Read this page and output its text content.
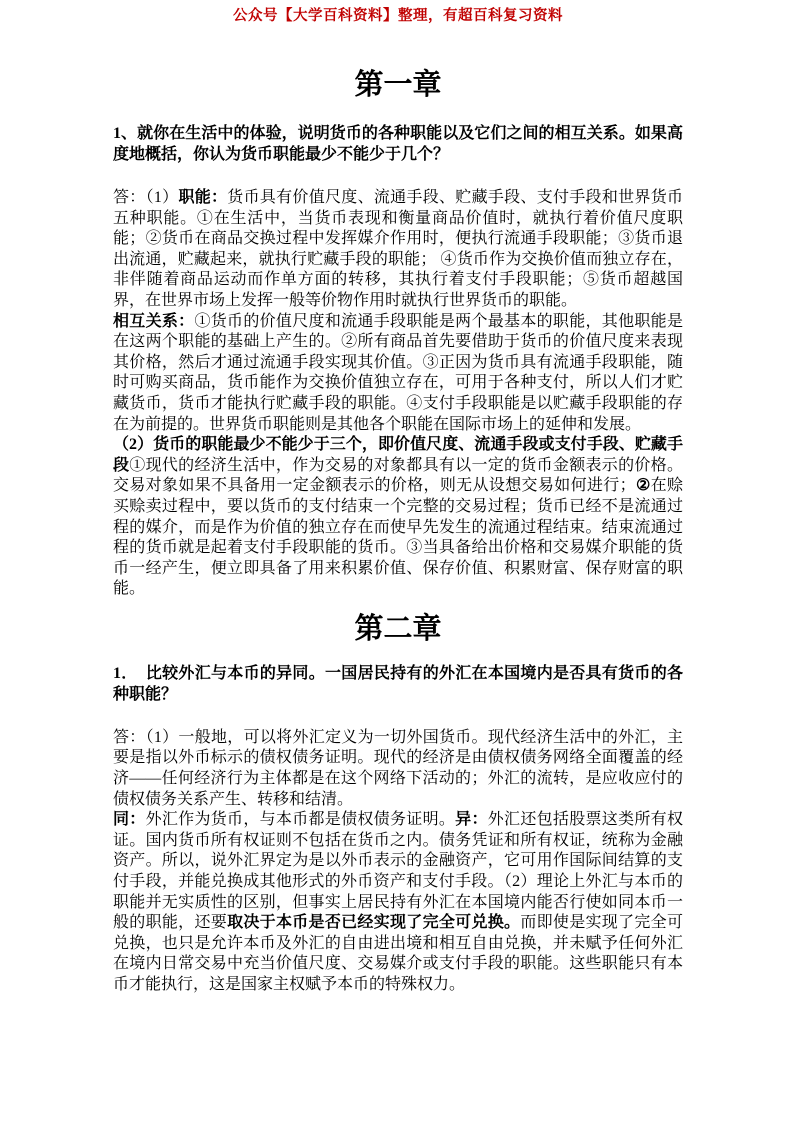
公众号【大学百科资料】整理，有超百科复习资料
第一章

1、就你在生活中的体验，说明货币的各种职能以及它们之间的相互关系。如果高度地概括，你认为货币职能最少不能少于几个？

答：（1）职能：货币具有价值尺度、流通手段、贮藏手段、支付手段和世界货币五种职能。①在生活中，当货币表现和衡量商品价值时，就执行着价值尺度职能；②货币在商品交换过程中发挥媒介作用时，便执行流通手段职能；③货币退出流通，贮藏起来，就执行贮藏手段的职能； ④货币作为交换价值而独立存在，非伴随着商品运动而作单方面的转移，其执行着支付手段职能；⑤货币超越国界，在世界市场上发挥一般等价物作用时就执行世界货币的职能。

相互关系：①货币的价值尺度和流通手段职能是两个最基本的职能，其他职能是在这两个职能的基础上产生的。②所有商品首先要借助于货币的价值尺度来表现其价格，然后才通过流通手段实现其价值。③正因为货币具有流通手段职能，随时可购买商品，货币能作为交换价值独立存在，可用于各种支付，所以人们才贮藏货币，货币才能执行贮藏手段的职能。④支付手段职能是以贮藏手段职能的存在为前提的。世界货币职能则是其他各个职能在国际市场上的延伸和发展。

（2）货币的职能最少不能少于三个，即价值尺度、流通手段或支付手段、贮藏手段①现代的经济生活中，作为交易的对象都具有以一定的货币金额表示的价格。交易对象如果不具备用一定金额表示的价格，则无从设想交易如何进行；②在赊买赊卖过程中，要以货币的支付结束一个完整的交易过程；货币已经不是流通过程的媒介，而是作为价值的独立存在而使早先发生的流通过程结束。结束流通过程的货币就是起着支付手段职能的货币。③当具备给出价格和交易媒介职能的货币一经产生，便立即具备了用来积累价值、保存价值、积累财富、保存财富的职能。

第二章

1．　比较外汇与本币的异同。一国居民持有的外汇在本国境内是否具有货币的各种职能？

答：（1）一般地，可以将外汇定义为一切外国货币。现代经济生活中的外汇，主要是指以外币标示的债权债务证明。现代的经济是由债权债务网络全面覆盖的经济——任何经济行为主体都是在这个网络下活动的；外汇的流转，是应收应付的债权债务关系产生、转移和结清。

同：外汇作为货币，与本币都是债权债务证明。异：外汇还包括股票这类所有权证。国内货币所有权证则不包括在货币之内。债务凭证和所有权证，统称为金融资产。所以，说外汇界定为是以外币表示的金融资产，它可用作国际间结算的支付手段，并能兑换成其他形式的外币资产和支付手段。（2）理论上外汇与本币的职能并无实质性的区别，但事实上居民持有外汇在本国境内能否行使如同本币一般的职能，还要取决于本币是否已经实现了完全可兑换。而即使是实现了完全可兑换，也只是允许本币及外汇的自由进出境和相互自由兑换，并未赋予任何外汇在境内日常交易中充当价值尺度、交易媒介或支付手段的职能。这些职能只有本币才能执行，这是国家主权赋予本币的特殊权力。
